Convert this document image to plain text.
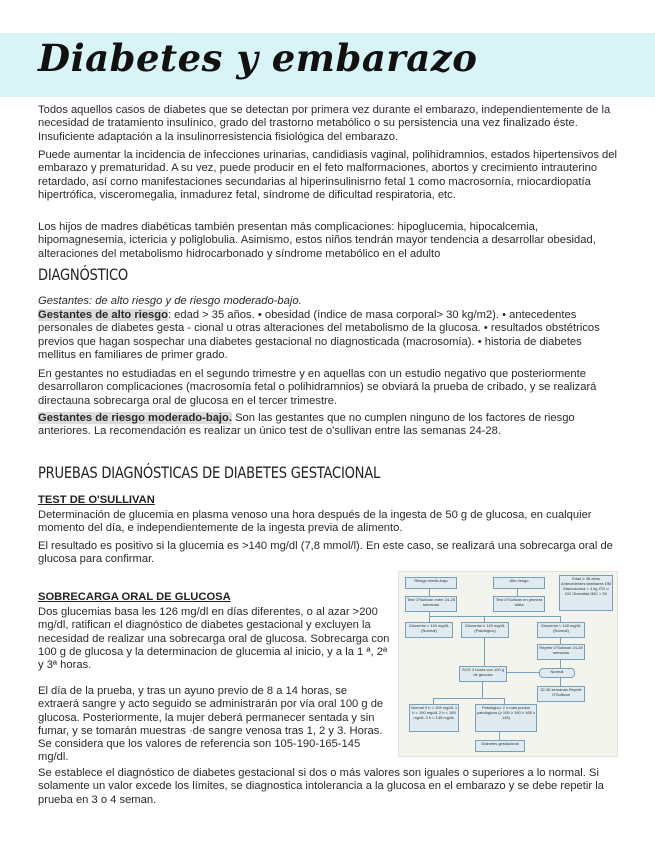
Diabetes y embarazo

Todos aquellos casos de diabetes que se detectan por primera vez durante el embarazo, independientemente de la necesidad de tratamiento insulínico, grado del trastorno metabólico o su persistencia una vez finalizado éste. Insuficiente adaptación a la insulinorresistencia fisiológica del embarazo.

Puede aumentar la incidencia de infecciones urinarias, candidiasis vaginal, polihidramnios, estados hipertensivos del embarazo y prematuridad. A su vez, puede producir en el feto malformaciones, abortos y crecimiento intrauterino retardado, así corno manifestaciones secundarias al hiperinsulinisrno fetal 1 como macrosornía, rniocardiopatía hipertrófica, visceromegalia, inmadurez fetal, síndrome de dificultad respiratoria, etc.

Los hijos de madres diabéticas también presentan más complicaciones: hipoglucemia, hipocalcemia, hipomagnesemia, ictericia y poliglobulia. Asimismo, estos niños tendrán mayor tendencia a desarrollar obesidad, alteraciones del metabolismo hidrocarbonado y síndrome metabólico en el adulto

DIAGNÓSTICO

Gestantes: de alto riesgo y de riesgo moderado-bajo.

Gestantes de alto riesgo: edad > 35 años. • obesidad (índice de masa corporal> 30 kg/m2). • antecedentes personales de diabetes gesta - cional u otras alteraciones del metabolismo de la glucosa. • resultados obstétricos previos que hagan sospechar una diabetes gestacional no diagnosticada (macrosomía). • historia de diabetes mellitus en familiares de primer grado.

En gestantes no estudiadas en el segundo trimestre y en aquellas con un estudio negativo que posteriormente desarrollaron complicaciones (macrosomía fetal o polihidramnios) se obviará la prueba de cribado, y se realizará directauna sobrecarga oral de glucosa en el tercer trimestre.

Gestantes de riesgo moderado-bajo. Son las gestantes que no cumplen ninguno de los factores de riesgo anteriores. La recomendación es realizar un único test de o'sullivan entre las semanas 24-28.

PRUEBAS DIAGNÓSTICAS DE DIABETES GESTACIONAL
TEST DE O'SULLIVAN

Determinación de glucemia en plasma venoso una hora después de la ingesta de 50 g de glucosa, en cualquier momento del día, e independientemente de la ingesta previa de alimento.

El resultado es positivo si la glucemia es >140 mg/dl (7,8 mmol/l). En este caso, se realizará una sobrecarga oral de glucosa para confirmar.

SOBRECARGA ORAL DE GLUCOSA

Dos glucemias basa les 126 mg/dl en días diferentes, o al azar >200 mg/dl, ratifican el diagnóstico de diabetes gestacional y excluyen la necesidad de realizar una sobrecarga oral de glucosa. Sobrecarga con 100 g de glucosa y la determinacion de glucemia al inicio, y a la 1 ª, 2ª y 3ª horas.

El día de la prueba, y tras un ayuno previo de 8 a 14 horas, se extraerá sangre y acto seguido se administrarán por vía oral 100 g de glucosa. Posteriormente, la mujer deberá permanecer sentada y sin fumar, y se tomarán muestras ·de sangre venosa tras 1, 2 y 3. Horas. Se considera que los valores de referencia son 105-190-165-145 mg/dl.

Se establece el diagnóstico de diabetes gestacional si dos o más valores son iguales o superiores a lo normal. Si solamente un valor excede los límites, se diagnostica intolerancia a la glucosa en el embarazo y se debe repetir la prueba en 3 o 4 seman.

Riesgo medio-bajo	Alto riesgo	Edad ≥ 35 años Antecedentes familiares DM Macrosomía > 4 kg ITG o DG Obesidad IMC > 30
Test O'Sullivan entre 24-28 semanas
Test O'Sullivan en primera visita
Glucemia < 140 mg/dL (Normal)
Glucemia ≥ 140 mg/dL (Patológico)
Glucemia < 140 mg/dL (Normal)
Repetir O'Sullivan 24-28 semanas
SOG 3 horas con 100 g de glucosa
Normal
32-36 semanas Repetir O'Sullivan
Normal 0 h < 105 mg/dL 1 h < 190 mg/dL 2 h < 165 mg/dL 3 h < 145 mg/dL
Patológico: 2 o más puntos patológicos (≥ 105 ≥ 190 ≥ 165 ≥ 145)
Diabetes gestacional
